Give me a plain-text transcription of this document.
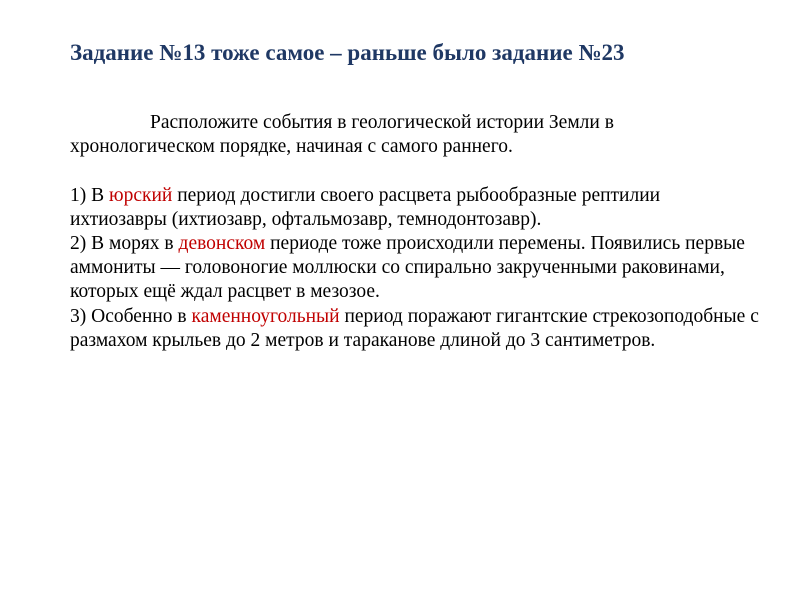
Задание №13 тоже самое – раньше было задание №23

Расположите события в геологической истории Земли в хронологическом порядке, начиная с самого раннего.

1) В юрский период достигли своего расцвета рыбообразные рептилии ихтиозавры (ихтиозавр, офтальмозавр, темнодонтозавр).

2) В морях в девонском периоде тоже происходили перемены. Появились первые аммониты — головоногие моллюски со спирально закрученными раковинами, которых ещё ждал расцвет в мезозое.

3) Особенно в каменноугольный период поражают гигантские стрекозоподобные с размахом крыльев до 2 метров и тараканове длиной до 3 сантиметров.
